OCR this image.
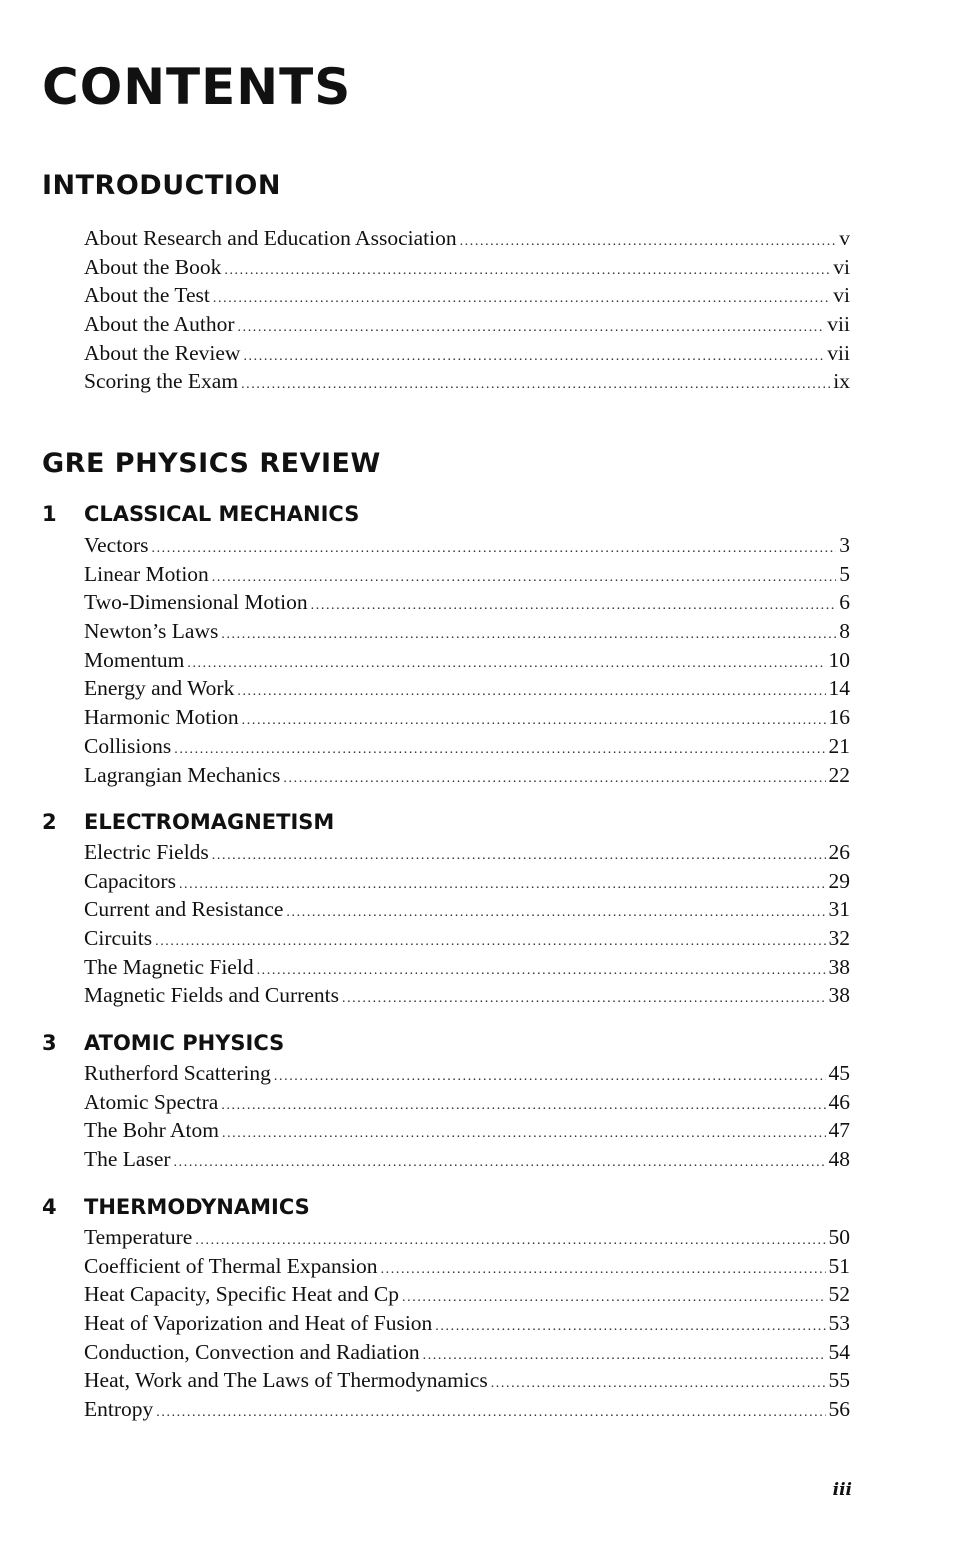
CONTENTS
INTRODUCTION
About Research and Education Association .....	v
About the Book .....	vi
About the Test .....	vi
About the Author .....	vii
About the Review .....	vii
Scoring the Exam .....	ix
GRE PHYSICS REVIEW
1 CLASSICAL MECHANICS
Vectors .....	3
Linear Motion .....	5
Two-Dimensional Motion .....	6
Newton’s Laws .....	8
Momentum .....	10
Energy and Work .....	14
Harmonic Motion .....	16
Collisions .....	21
Lagrangian Mechanics .....	22
2 ELECTROMAGNETISM
Electric Fields .....	26
Capacitors .....	29
Current and Resistance .....	31
Circuits .....	32
The Magnetic Field .....	38
Magnetic Fields and Currents .....	38
3 ATOMIC PHYSICS
Rutherford Scattering .....	45
Atomic Spectra .....	46
The Bohr Atom .....	47
The Laser .....	48
4 THERMODYNAMICS
Temperature .....	50
Coefficient of Thermal Expansion .....	51
Heat Capacity, Specific Heat and Cp .....	52
Heat of Vaporization and Heat of Fusion .....	53
Conduction, Convection and Radiation .....	54
Heat, Work and The Laws of Thermodynamics .....	55
Entropy .....	56
iii
